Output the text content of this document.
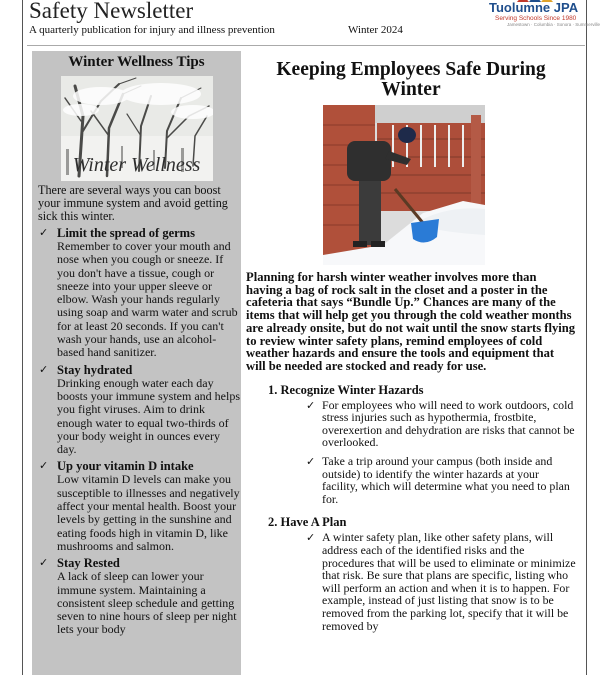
Safety Newsletter
A quarterly publication for injury and illness prevention	Winter 2024
Tuolumne JPA
Serving Schools Since 1980
Jamestown · Columbia · Sonora · Summerville
Winter Wellness Tips
Winter Wellness

There are several ways you can boost your immune system and avoid getting sick this winter.

✓ Limit the spread of germs
Remember to cover your mouth and nose when you cough or sneeze. If you don't have a tissue, cough or sneeze into your upper sleeve or elbow. Wash your hands regularly using soap and warm water and scrub for at least 20 seconds. If you can't wash your hands, use an alcohol-based hand sanitizer.
✓ Stay hydrated
Drinking enough water each day boosts your immune system and helps you fight viruses. Aim to drink enough water to equal two-thirds of your body weight in ounces every day.
✓ Up your vitamin D intake
Low vitamin D levels can make you susceptible to illnesses and negatively affect your mental health. Boost your levels by getting in the sunshine and eating foods high in vitamin D, like mushrooms and salmon.
✓ Stay Rested
A lack of sleep can lower your immune system. Maintaining a consistent sleep schedule and getting seven to nine hours of sleep per night lets your body
Keeping Employees Safe During Winter

Planning for harsh winter weather involves more than having a bag of rock salt in the closet and a poster in the cafeteria that says “Bundle Up.” Chances are many of the items that will help get you through the cold weather months are already onsite, but do not wait until the snow starts flying to review winter safety plans, remind employees of cold weather hazards and ensure the tools and equipment that will be needed are stocked and ready for use.

1. Recognize Winter Hazards
✓ For employees who will need to work outdoors, cold stress injuries such as hypothermia, frostbite, overexertion and dehydration are risks that cannot be overlooked.
✓ Take a trip around your campus (both inside and outside) to identify the winter hazards at your facility, which will determine what you need to plan for.
2. Have A Plan
✓ A winter safety plan, like other safety plans, will address each of the identified risks and the procedures that will be used to eliminate or minimize that risk. Be sure that plans are specific, listing who will perform an action and when it is to happen. For example, instead of just listing that snow is to be removed from the parking lot, specify that it will be removed by
